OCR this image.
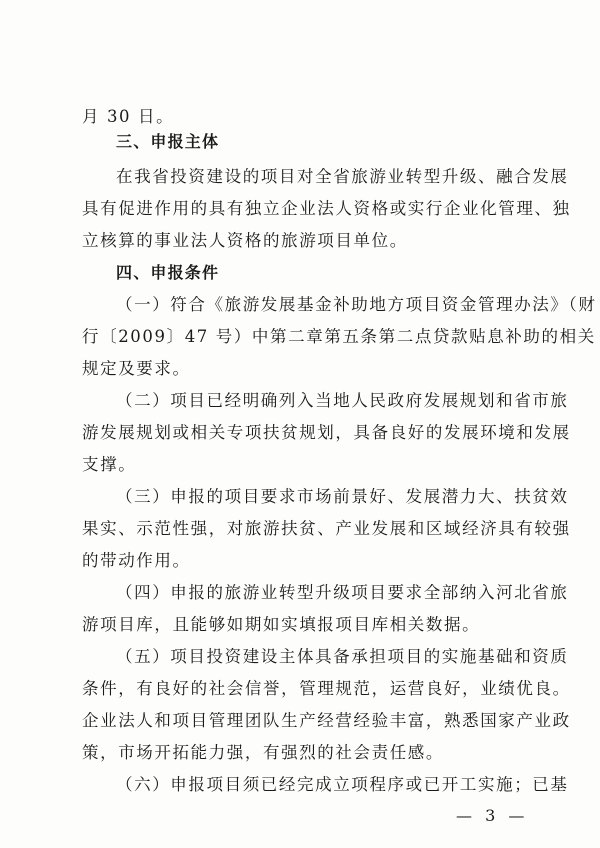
月 30 日。
三、申报主体
在我省投资建设的项目对全省旅游业转型升级、融合发展
具有促进作用的具有独立企业法人资格或实行企业化管理、独
立核算的事业法人资格的旅游项目单位。
四、申报条件
（一）符合《旅游发展基金补助地方项目资金管理办法》（财
行〔2009〕47 号）中第二章第五条第二点贷款贴息补助的相关
规定及要求。
（二）项目已经明确列入当地人民政府发展规划和省市旅
游发展规划或相关专项扶贫规划，具备良好的发展环境和发展
支撑。
（三）申报的项目要求市场前景好、发展潜力大、扶贫效
果实、示范性强，对旅游扶贫、产业发展和区域经济具有较强
的带动作用。
（四）申报的旅游业转型升级项目要求全部纳入河北省旅
游项目库，且能够如期如实填报项目库相关数据。
（五）项目投资建设主体具备承担项目的实施基础和资质
条件，有良好的社会信誉，管理规范，运营良好，业绩优良。
企业法人和项目管理团队生产经营经验丰富，熟悉国家产业政
策，市场开拓能力强，有强烈的社会责任感。
（六）申报项目须已经完成立项程序或已开工实施；已基
— 3 —
